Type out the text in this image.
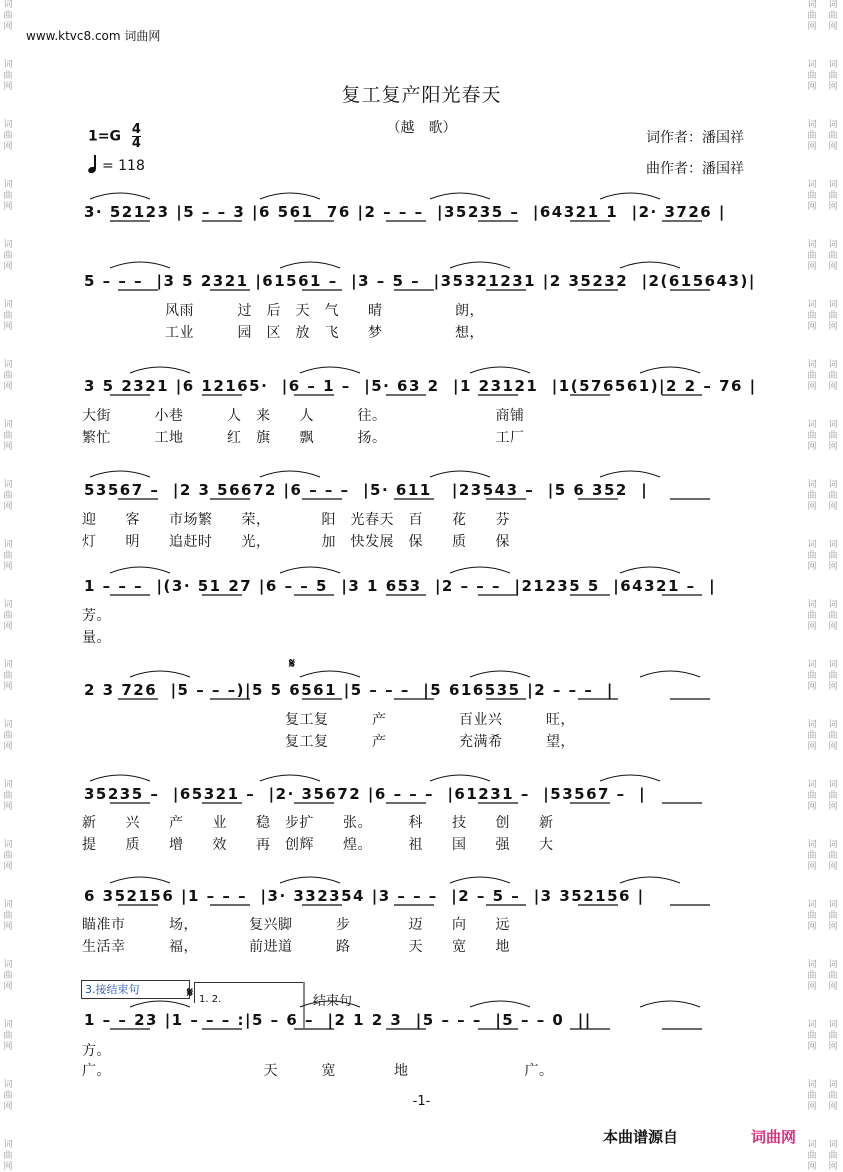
词
曲
网
词
曲
网
词
曲
网
词
曲
网
词
曲
网
词
曲
网
词
曲
网
词
曲
网
词
曲
网
词
曲
网
词
曲
网
词
曲
网
词
曲
网
词
曲
网
词
曲
网
词
曲
网
词
曲
网
词
曲
网
词
曲
网
词
曲
网
词
曲
网
词
曲
网
词
曲
网
词
曲
网
词
曲
网
词
曲
网
词
曲
网
词
曲
网
词
曲
网
词
曲
网
词
曲
网
词
曲
网
词
曲
网
词
曲
网
词
曲
网
词
曲
网
词
曲
网
词
曲
网
词
曲
网
词
曲
网
词
曲
网
词
曲
网
词
曲
网
词
曲
网
词
曲
网
词
曲
网
词
曲
网
词
曲
网
词
曲
网
词
曲
网
词
曲
网
词
曲
网
词
曲
网
词
曲
网
词
曲
网
词
曲
网
词
曲
网
词
曲
网
词
曲
网
词
曲
网
www.ktvc8.com 词曲网
复工复产阳光春天
（越　歌）
$1=G \frac{4}{4}$
= 118
词作者：潘国祥
曲作者：潘国祥
3· 52123 |5 – – 3 |6 561  76 |2 – – –  |35235 –  |64321 1  |2· 3726 |
5 – – –  |3 5 2321 |61561 –  |3 – 5 –  |35321231 |2 35232  |2(615643)|
3 5 2321 |6 12165·  |6 – 1 –  |5· 63 2  |1 23121  |1(576561)|2 2 – 76 |
53567 –  |2 3 56672 |6 – – –  |5· 611   |23543 –  |5 6 352  |
1 – – –  |(3· 51 27 |6 – – 5  |3 1 653  |2 – – –  |21235 5  |64321 –  |
2 3 726  |5 – – –)|5 5 6561 |5 – – –  |5 616535 |2 – – –  |
35235 –  |65321 –  |2· 35672 |6 – – –  |61231 –  |53567 –  |
6 352156 |1 – – –  |3· 332354 |3 – – –  |2 – 5 –  |3 352156 |
1 – – 23 |1 – – – :|5 – 6 –  |2 1 2 3  |5 – – –  |5 – – 0  ||
风雨　　　过　后　天　气　　晴　　　　　朗，
工业　　　园　区　放　飞　　梦　　　　　想，
大街　　　小巷　　　人　来　　人　　　往。　　　　　　　　商铺
繁忙　　　工地　　　红　旗　　飘　　　扬。　　　　　　　　工厂
迎　　客　　市场繁　　荣，　　　　阳　光春天　百　　花　　芬
灯　　明　　追赶时　　光，　　　　加　快发展　保　　质　　保
芳。
量。
　　　　　　　　　　　　　　复工复　　　产　　　　　百业兴　　　旺，
　　　　　　　　　　　　　　复工复　　　产　　　　　充满希　　　望，
新　　兴　　产　　业　　稳　步扩　　张。　　　科　　技　　创　　新
提　　质　　增　　效　　再　创辉　　煌。　　　祖　　国　　强　　大
瞄准市　　　场，　　　　复兴脚　　　步　　　　迈　　向　　远
生活幸　　　福，　　　　前进道　　　路　　　　天　　宽　　地
方。
广。　　　　　　　　　　　天　　　宽　　　　地　　　　　　　　广。
𝄋
3.接结束句	𝄋 1. 2.	结束句
-1-
本曲谱源自	词曲网
